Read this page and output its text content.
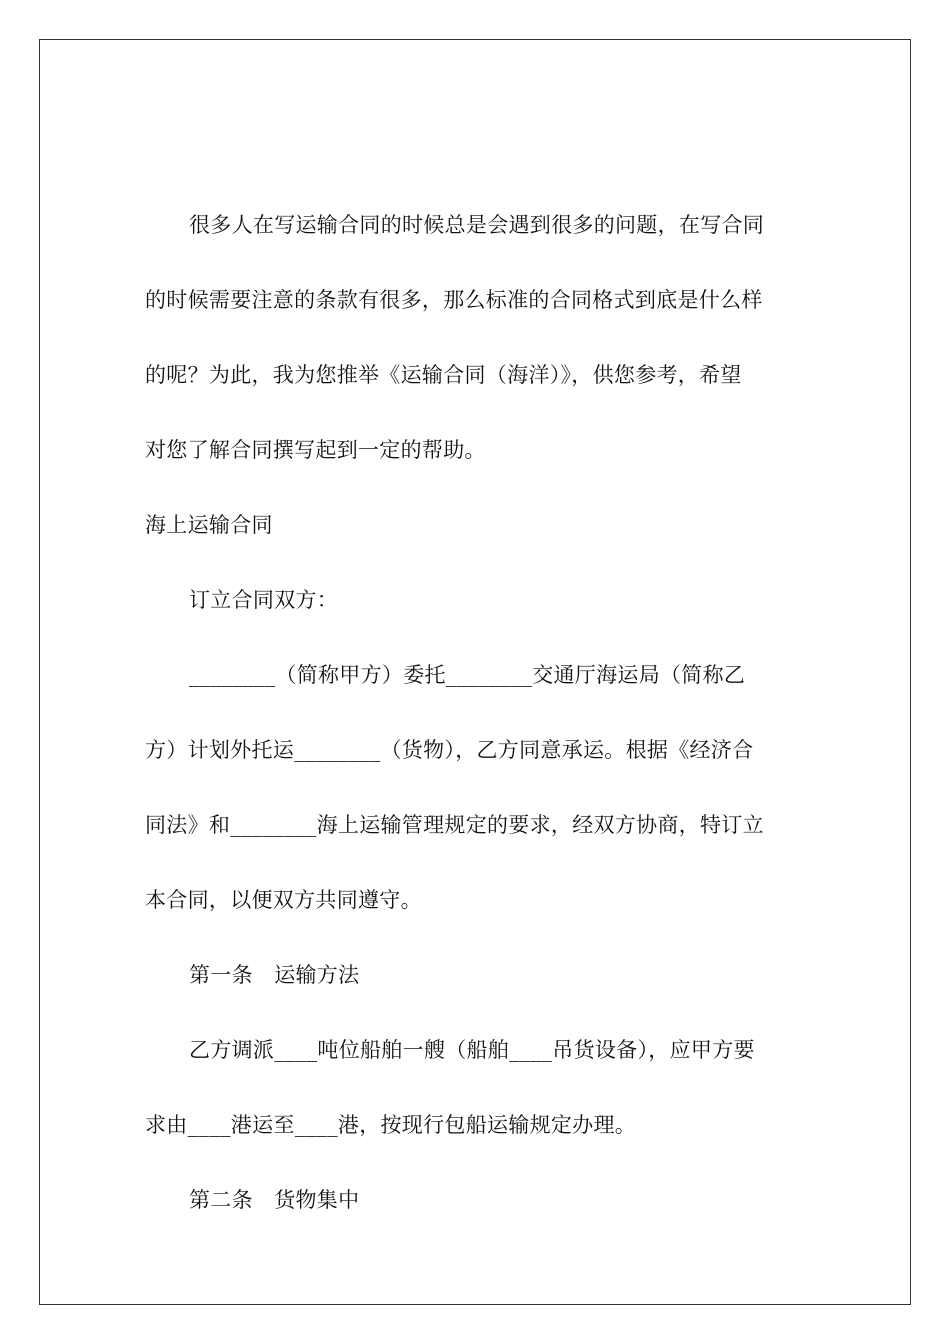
很多人在写运输合同的时候总是会遇到很多的问题，在写合同
的时候需要注意的条款有很多，那么标准的合同格式到底是什么样
的呢？为此，我为您推举《运输合同（海洋）》，供您参考，希望
对您了解合同撰写起到一定的帮助。
海上运输合同
订立合同双方：
________（简称甲方）委托________交通厅海运局（简称乙
方）计划外托运________（货物），乙方同意承运。根据《经济合
同法》和________海上运输管理规定的要求，经双方协商，特订立
本合同，以便双方共同遵守。
第一条　运输方法
乙方调派____吨位船舶一艘（船舶____吊货设备），应甲方要
求由____港运至____港，按现行包船运输规定办理。
第二条　货物集中
